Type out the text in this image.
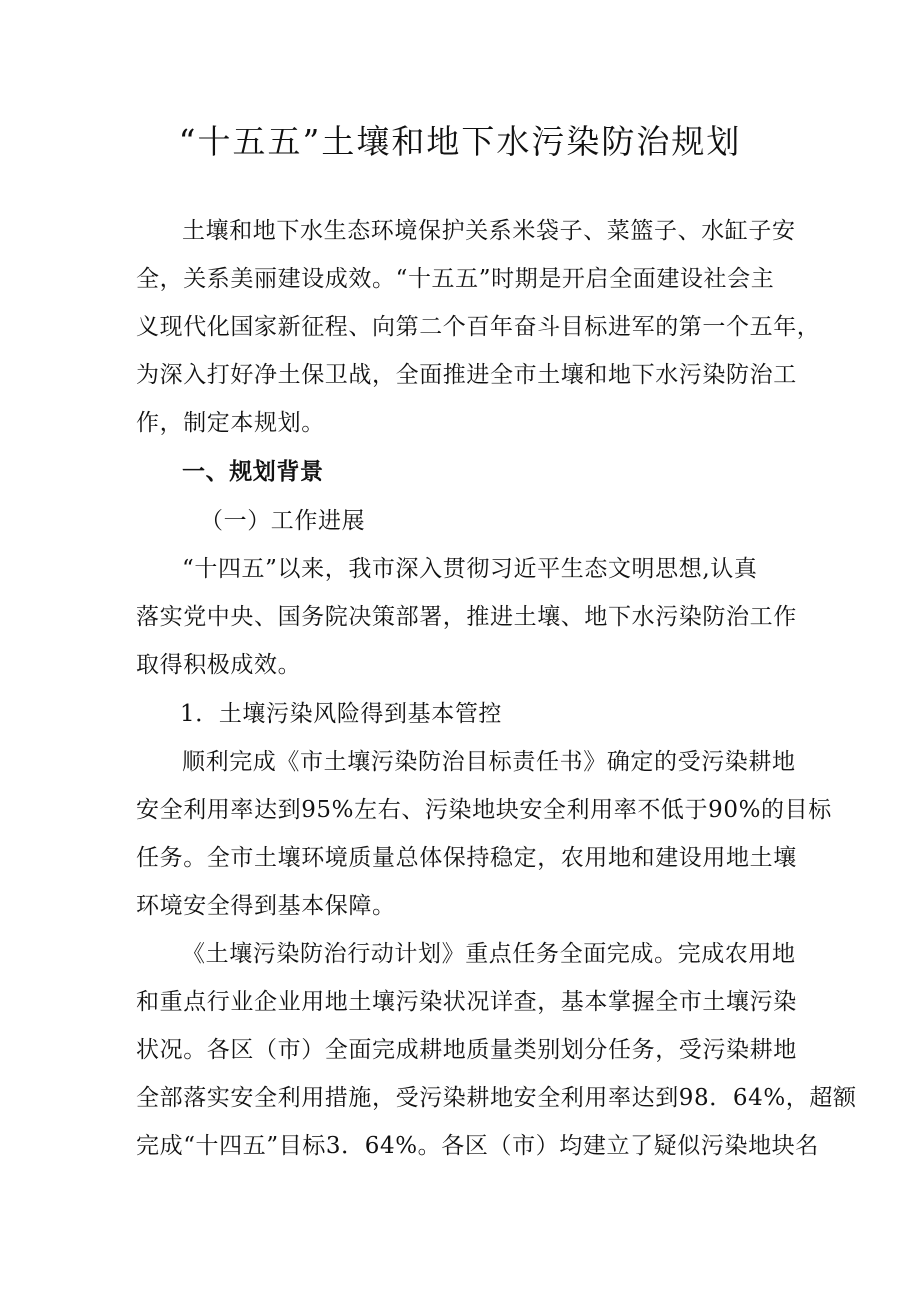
“十五五”土壤和地下水污染防治规划
土壤和地下水生态环境保护关系米袋子、菜篮子、水缸子安
全，关系美丽建设成效。“十五五”时期是开启全面建设社会主
义现代化国家新征程、向第二个百年奋斗目标进军的第一个五年，
为深入打好净土保卫战，全面推进全市土壤和地下水污染防治工
作，制定本规划。
一、规划背景
（一）工作进展
“十四五”以来，我市深入贯彻习近平生态文明思想,认真
落实党中央、国务院决策部署，推进土壤、地下水污染防治工作
取得积极成效。
1．土壤污染风险得到基本管控
顺利完成《市土壤污染防治目标责任书》确定的受污染耕地
安全利用率达到95%左右、污染地块安全利用率不低于90%的目标
任务。全市土壤环境质量总体保持稳定，农用地和建设用地土壤
环境安全得到基本保障。
《土壤污染防治行动计划》重点任务全面完成。完成农用地
和重点行业企业用地土壤污染状况详查，基本掌握全市土壤污染
状况。各区（市）全面完成耕地质量类别划分任务，受污染耕地
全部落实安全利用措施，受污染耕地安全利用率达到98．64%，超额
完成“十四五”目标3．64%。各区（市）均建立了疑似污染地块名
